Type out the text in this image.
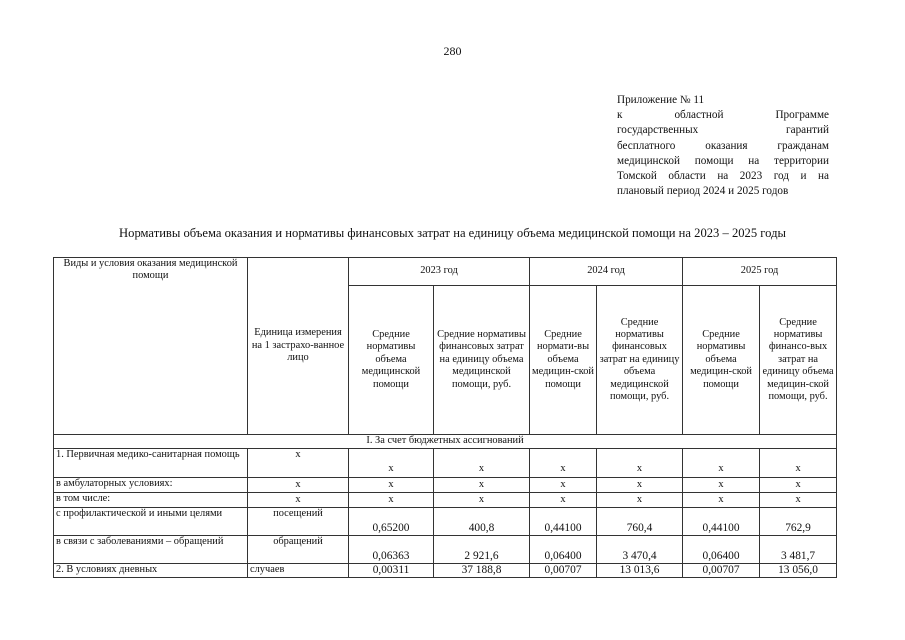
280
Приложение № 11
к областной Программе
государственных гарантий
бесплатного оказания гражданам
медицинской помощи на территории
Томской области на 2023 год и на
плановый период 2024 и 2025 годов
Нормативы объема оказания и нормативы финансовых затрат на единицу объема медицинской помощи на 2023 – 2025 годы
Виды и условия оказания медицинской помощи	Единица измерения на 1 застрахо-ванное лицо	2023 год		2024 год		2025 год	
		Средние нормативы объема медицинской помощи	Средние нормативы финансовых затрат на единицу объема медицинской помощи, руб.	Средние нормати-вы объема медицин-ской помощи	Средние нормативы финансовых затрат на единицу объема медицинской помощи, руб.	Средние нормативы объема медицин-ской помощи	Средние нормативы финансо-вых затрат на единицу объема медицин-ской помощи, руб.
I. За счет бюджетных ассигнований							
1. Первичная медико-санитарная помощь	x	x	x	x	x	x	x
в амбулаторных условиях:	x	x	x	x	x	x	x
в том числе:	x	x	x	x	x	x	x
с профилактической и иными целями	посещений	0,65200	400,8	0,44100	760,4	0,44100	762,9
в связи с заболеваниями – обращений	обращений	0,06363	2 921,6	0,06400	3 470,4	0,06400	3 481,7
2. В условиях дневных	случаев	0,00311	37 188,8	0,00707	13 013,6	0,00707	13 056,0
